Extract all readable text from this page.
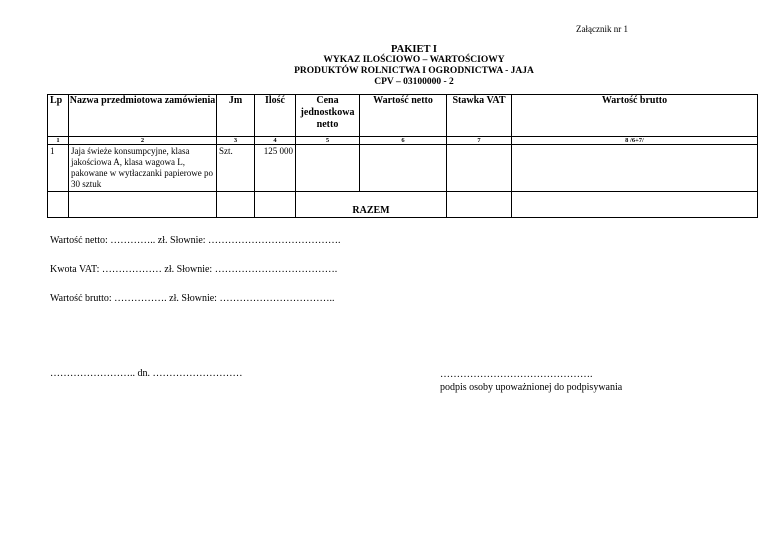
Załącznik nr 1
PAKIET I
WYKAZ ILOŚCIOWO – WARTOŚCIOWY
PRODUKTÓW ROLNICTWA I OGRODNICTWA - JAJA
CPV – 03100000 - 2
Lp	Nazwa przedmiotowa zamówienia	Jm	Ilość	Cena jednostkowa netto	Wartość netto	Stawka VAT	Wartość brutto
1	2	3	4	5	6	7	8 /6+7/
1	Jaja świeże konsumpcyjne, klasa jakościowa A, klasa wagowa L, pakowane w wytłaczanki papierowe po 30 sztuk	Szt.	125 000				
				RAZEM			
Wartość netto: ………….. zł. Słownie: ………………………………….
Kwota VAT: ……………… zł. Słownie: ……………………………….
Wartość brutto: ……………. zł. Słownie: ……………………………..
…………………….. dn. ………………………	……………………………………….
podpis osoby upoważnionej do podpisywania
